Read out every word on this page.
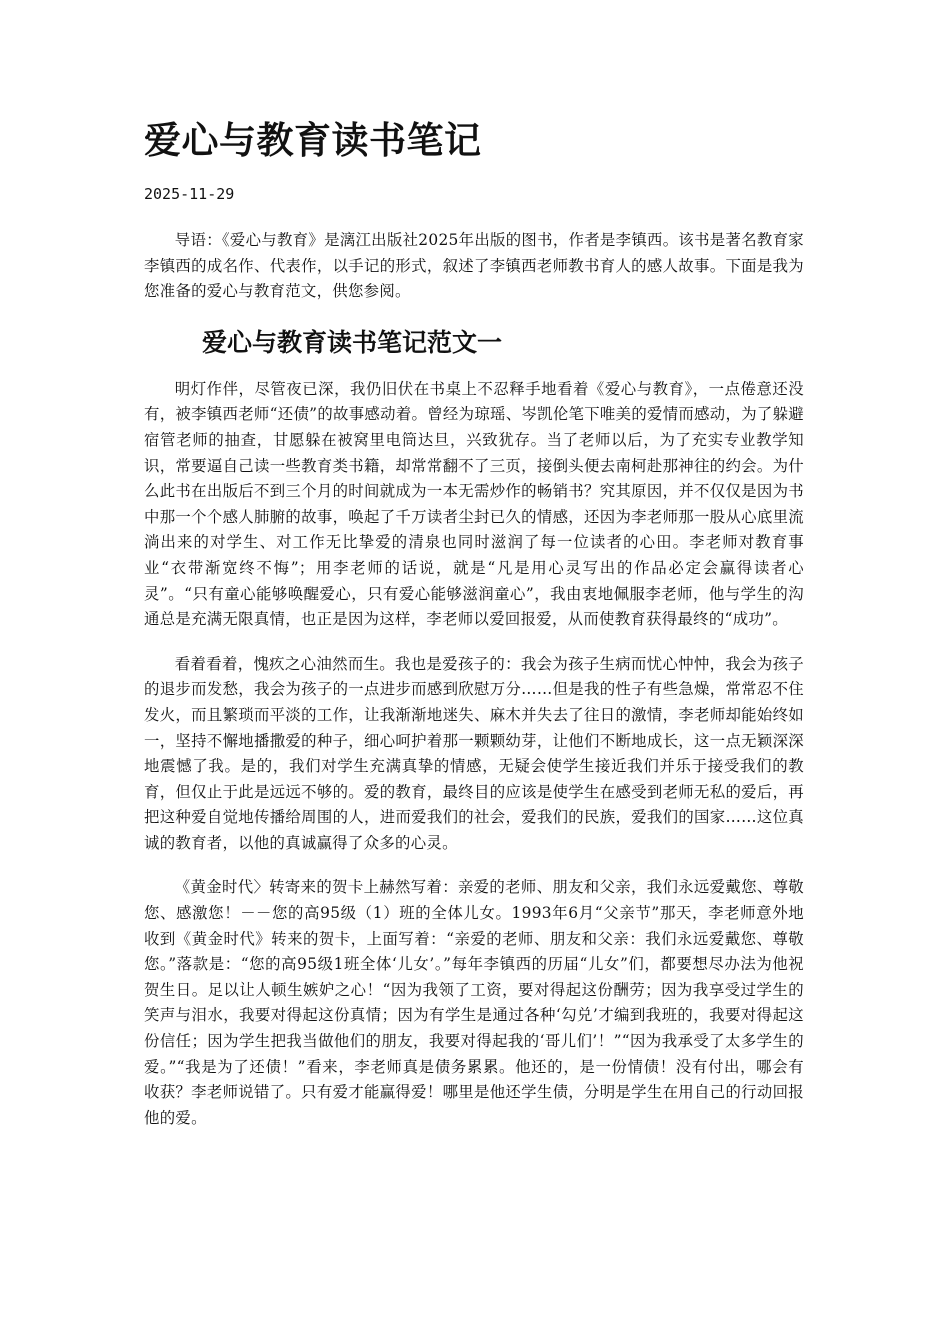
爱心与教育读书笔记
2025-11-29

导语：《爱心与教育》是漓江出版社2025年出版的图书，作者是李镇西。该书是著名教育家李镇西的成名作、代表作，以手记的形式，叙述了李镇西老师教书育人的感人故事。下面是我为您准备的爱心与教育范文，供您参阅。

爱心与教育读书笔记范文一

明灯作伴，尽管夜已深，我仍旧伏在书桌上不忍释手地看着《爱心与教育》，一点倦意还没有，被李镇西老师“还债”的故事感动着。曾经为琼瑶、岑凯伦笔下唯美的爱情而感动，为了躲避宿管老师的抽查，甘愿躲在被窝里电筒达旦，兴致犹存。当了老师以后，为了充实专业教学知识，常要逼自己读一些教育类书籍，却常常翻不了三页，接倒头便去南柯赴那神往的约会。为什么此书在出版后不到三个月的时间就成为一本无需炒作的畅销书？究其原因，并不仅仅是因为书中那一个个感人肺腑的故事，唤起了千万读者尘封已久的情感，还因为李老师那一股从心底里流淌出来的对学生、对工作无比挚爱的清泉也同时滋润了每一位读者的心田。李老师对教育事业“衣带渐宽终不悔”；用李老师的话说，就是“凡是用心灵写出的作品必定会赢得读者心灵”。“只有童心能够唤醒爱心，只有爱心能够滋润童心”，我由衷地佩服李老师，他与学生的沟通总是充满无限真情，也正是因为这样，李老师以爱回报爱，从而使教育获得最终的“成功”。

看着看着，愧疚之心油然而生。我也是爱孩子的：我会为孩子生病而忧心忡忡，我会为孩子的退步而发愁，我会为孩子的一点进步而感到欣慰万分……但是我的性子有些急燥，常常忍不住发火，而且繁琐而平淡的工作，让我渐渐地迷失、麻木并失去了往日的激情，李老师却能始终如一，坚持不懈地播撒爱的种子，细心呵护着那一颗颗幼芽，让他们不断地成长，这一点无颖深深地震憾了我。是的，我们对学生充满真挚的情感，无疑会使学生接近我们并乐于接受我们的教育，但仅止于此是远远不够的。爱的教育，最终目的应该是使学生在感受到老师无私的爱后，再把这种爱自觉地传播给周围的人，进而爱我们的社会，爱我们的民族，爱我们的国家……这位真诚的教育者，以他的真诚赢得了众多的心灵。

《黄金时代〉转寄来的贺卡上赫然写着：亲爱的老师、朋友和父亲，我们永远爱戴您、尊敬您、感激您！－－您的高95级（1）班的全体儿女。1993年6月“父亲节”那天，李老师意外地收到《黄金时代》转来的贺卡，上面写着：“亲爱的老师、朋友和父亲：我们永远爱戴您、尊敬您。”落款是：“您的高95级1班全体‘儿女’。”每年李镇西的历届“儿女”们，都要想尽办法为他祝贺生日。足以让人顿生嫉妒之心！“因为我领了工资，要对得起这份酬劳；因为我享受过学生的笑声与泪水，我要对得起这份真情；因为有学生是通过各种‘勾兑’才编到我班的，我要对得起这份信任；因为学生把我当做他们的朋友，我要对得起我的‘哥儿们’！”“因为我承受了太多学生的爱。”“我是为了还债！”看来，李老师真是债务累累。他还的，是一份情债！没有付出，哪会有收获？李老师说错了。只有爱才能赢得爱！哪里是他还学生债，分明是学生在用自己的行动回报他的爱。
